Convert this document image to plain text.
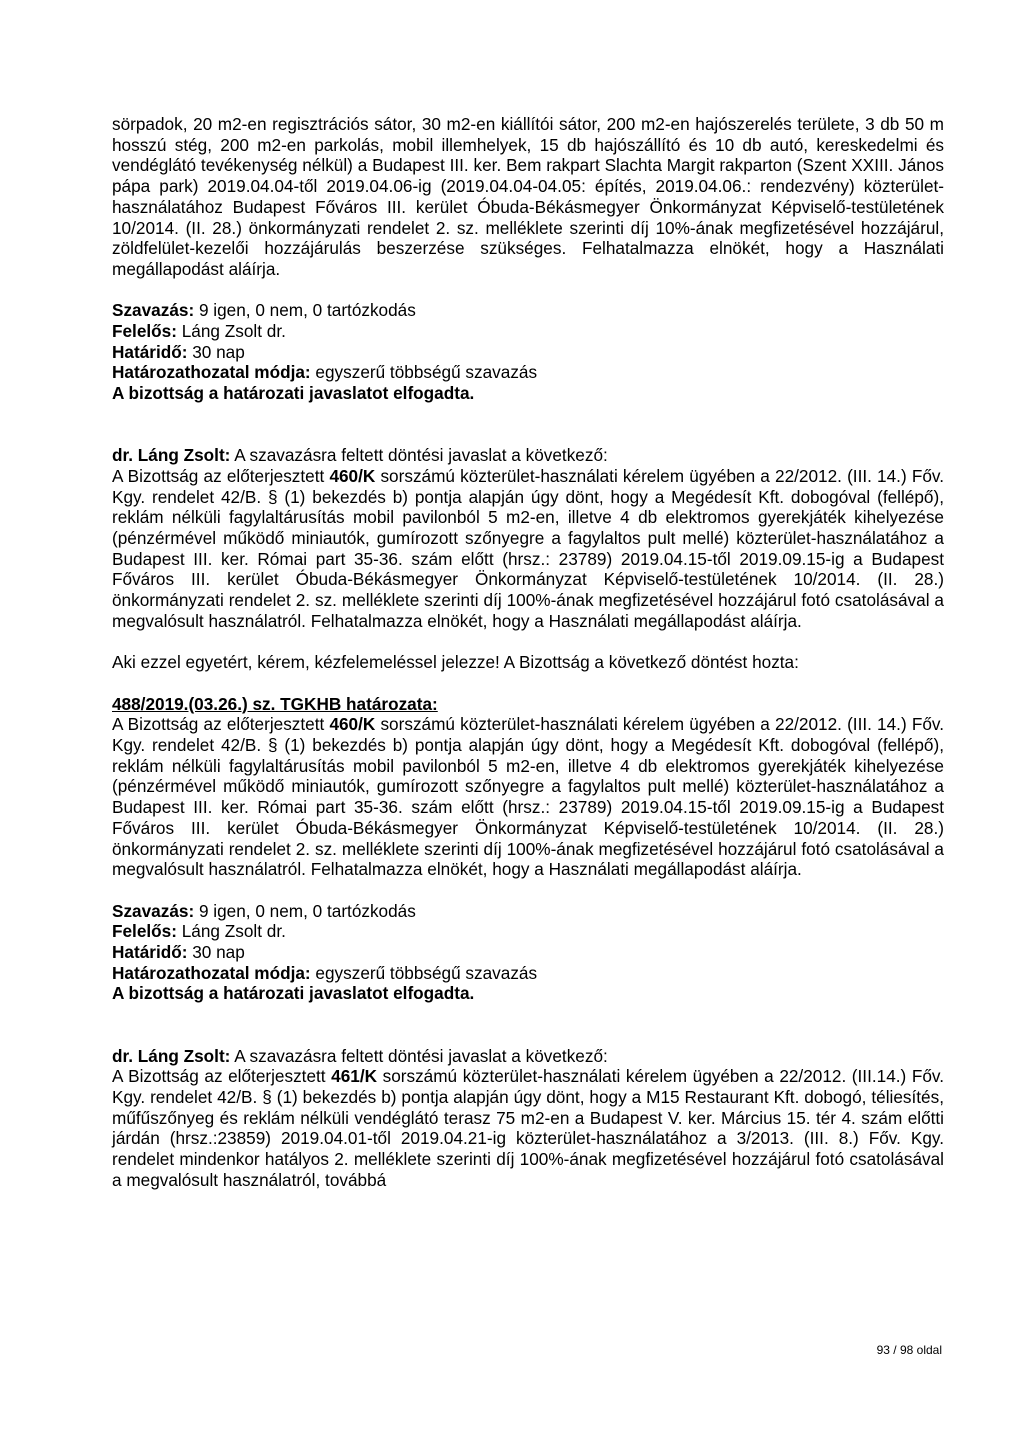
sörpadok, 20 m2-en regisztrációs sátor, 30 m2-en kiállítói sátor, 200 m2-en hajószerelés területe, 3 db 50 m hosszú stég, 200 m2-en parkolás, mobil illemhelyek, 15 db hajószállító és 10 db autó, kereskedelmi és vendéglátó tevékenység nélkül) a Budapest III. ker. Bem rakpart Slachta Margit rakparton (Szent XXIII. János pápa park) 2019.04.04-től 2019.04.06-ig (2019.04.04-04.05: építés, 2019.04.06.: rendezvény) közterület-használatához Budapest Főváros III. kerület Óbuda-Békásmegyer Önkormányzat Képviselő-testületének 10/2014. (II. 28.) önkormányzati rendelet 2. sz. melléklete szerinti díj 10%-ának megfizetésével hozzájárul, zöldfelület-kezelői hozzájárulás beszerzése szükséges. Felhatalmazza elnökét, hogy a Használati megállapodást aláírja.

Szavazás: 9 igen, 0 nem, 0 tartózkodás

Felelős: Láng Zsolt dr.

Határidő: 30 nap

Határozathozatal módja: egyszerű többségű szavazás

A bizottság a határozati javaslatot elfogadta.

dr. Láng Zsolt: A szavazásra feltett döntési javaslat a következő:

A Bizottság az előterjesztett 460/K sorszámú közterület-használati kérelem ügyében a 22/2012. (III. 14.) Főv. Kgy. rendelet 42/B. § (1) bekezdés b) pontja alapján úgy dönt, hogy a Megédesít Kft. dobogóval (fellépő), reklám nélküli fagylaltárusítás mobil pavilonból 5 m2-en, illetve 4 db elektromos gyerekjáték kihelyezése (pénzérmével működő miniautók, gumírozott szőnyegre a fagylaltos pult mellé) közterület-használatához a Budapest III. ker. Római part 35-36. szám előtt (hrsz.: 23789) 2019.04.15-től 2019.09.15-ig a Budapest Főváros III. kerület Óbuda-Békásmegyer Önkormányzat Képviselő-testületének 10/2014. (II. 28.) önkormányzati rendelet 2. sz. melléklete szerinti díj 100%-ának megfizetésével hozzájárul fotó csatolásával a megvalósult használatról. Felhatalmazza elnökét, hogy a Használati megállapodást aláírja.

Aki ezzel egyetért, kérem, kézfelemeléssel jelezze! A Bizottság a következő döntést hozta:

488/2019.(03.26.) sz. TGKHB határozata:

A Bizottság az előterjesztett 460/K sorszámú közterület-használati kérelem ügyében a 22/2012. (III. 14.) Főv. Kgy. rendelet 42/B. § (1) bekezdés b) pontja alapján úgy dönt, hogy a Megédesít Kft. dobogóval (fellépő), reklám nélküli fagylaltárusítás mobil pavilonból 5 m2-en, illetve 4 db elektromos gyerekjáték kihelyezése (pénzérmével működő miniautók, gumírozott szőnyegre a fagylaltos pult mellé) közterület-használatához a Budapest III. ker. Római part 35-36. szám előtt (hrsz.: 23789) 2019.04.15-től 2019.09.15-ig a Budapest Főváros III. kerület Óbuda-Békásmegyer Önkormányzat Képviselő-testületének 10/2014. (II. 28.) önkormányzati rendelet 2. sz. melléklete szerinti díj 100%-ának megfizetésével hozzájárul fotó csatolásával a megvalósult használatról. Felhatalmazza elnökét, hogy a Használati megállapodást aláírja.

Szavazás: 9 igen, 0 nem, 0 tartózkodás

Felelős: Láng Zsolt dr.

Határidő: 30 nap

Határozathozatal módja: egyszerű többségű szavazás

A bizottság a határozati javaslatot elfogadta.

dr. Láng Zsolt: A szavazásra feltett döntési javaslat a következő:

A Bizottság az előterjesztett 461/K sorszámú közterület-használati kérelem ügyében a 22/2012. (III.14.) Főv. Kgy. rendelet 42/B. § (1) bekezdés b) pontja alapján úgy dönt, hogy a M15 Restaurant Kft. dobogó, téliesítés, műfűszőnyeg és reklám nélküli vendéglátó terasz 75 m2-en a Budapest V. ker. Március 15. tér 4. szám előtti járdán (hrsz.:23859) 2019.04.01-től 2019.04.21-ig közterület-használatához a 3/2013. (III. 8.) Főv. Kgy. rendelet mindenkor hatályos 2. melléklete szerinti díj 100%-ának megfizetésével hozzájárul fotó csatolásával a megvalósult használatról, továbbá

93 / 98 oldal
